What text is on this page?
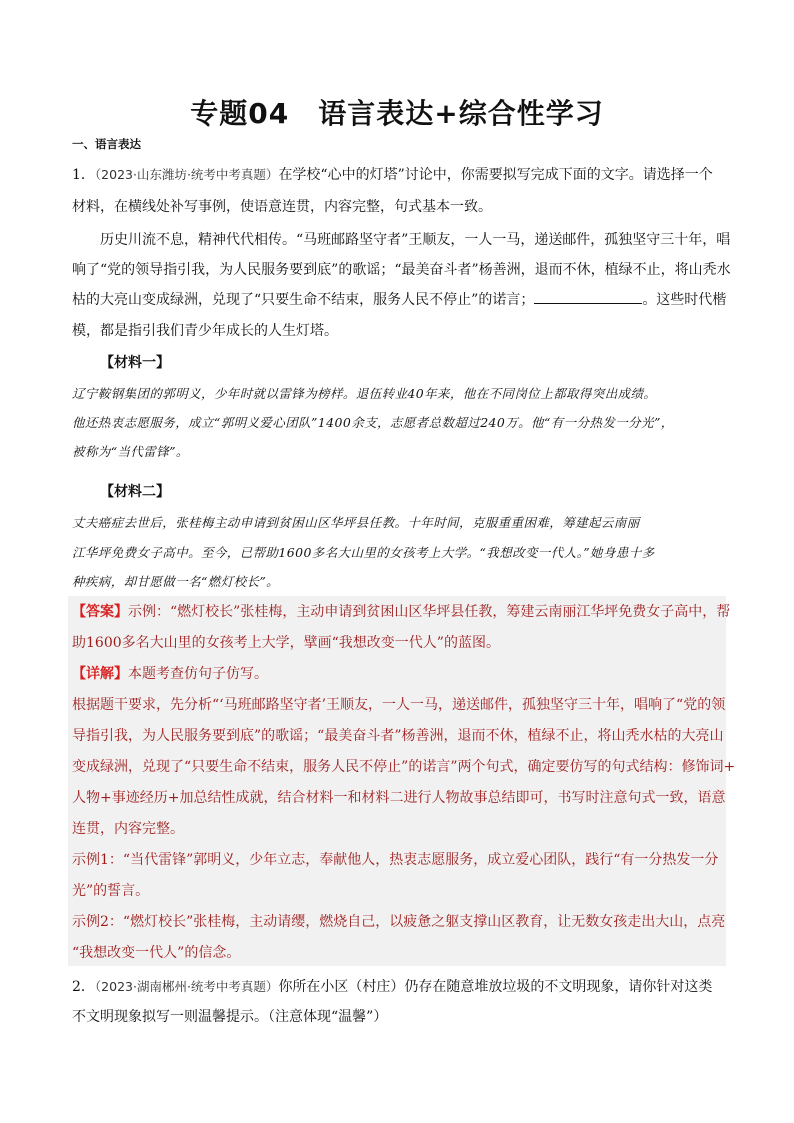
专题04　语言表达+综合性学习
一、语言表达
1．（2023·山东潍坊·统考中考真题）在学校“心中的灯塔”讨论中，你需要拟写完成下面的文字。请选择一个
材料，在横线处补写事例，使语意连贯，内容完整，句式基本一致。
历史川流不息，精神代代相传。“马班邮路坚守者”王顺友，一人一马，递送邮件，孤独坚守三十年，唱
响了“党的领导指引我，为人民服务要到底”的歌谣；“最美奋斗者”杨善洲，退而不休，植绿不止，将山秃水
枯的大亮山变成绿洲，兑现了“只要生命不结束，服务人民不停止”的诺言；	。这些时代楷
模，都是指引我们青少年成长的人生灯塔。
【材料一】
辽宁鞍钢集团的郭明义，少年时就以雷锋为榜样。退伍转业40年来，他在不同岗位上都取得突出成绩。
他还热衷志愿服务，成立“郭明义爱心团队”1400余支，志愿者总数超过240万。他“有一分热发一分光”，
被称为“当代雷锋”。
【材料二】
丈夫癌症去世后，张桂梅主动申请到贫困山区华坪县任教。十年时间，克服重重困难，筹建起云南丽
江华坪免费女子高中。至今，已帮助1600多名大山里的女孩考上大学。“我想改变一代人。”她身患十多
种疾病，却甘愿做一名“燃灯校长”。
【答案】示例：“燃灯校长”张桂梅，主动申请到贫困山区华坪县任教，筹建云南丽江华坪免费女子高中，帮
助1600多名大山里的女孩考上大学，擘画“我想改变一代人”的蓝图。
【详解】本题考查仿句子仿写。
根据题干要求，先分析“‘马班邮路坚守者’王顺友，一人一马，递送邮件，孤独坚守三十年，唱响了“党的领
导指引我，为人民服务要到底”的歌谣；“最美奋斗者”杨善洲，退而不休，植绿不止，将山秃水枯的大亮山
变成绿洲，兑现了“只要生命不结束，服务人民不停止”的诺言”两个句式，确定要仿写的句式结构：修饰词+
人物+事迹经历+加总结性成就，结合材料一和材料二进行人物故事总结即可，书写时注意句式一致，语意
连贯，内容完整。
示例1：“当代雷锋”郭明义，少年立志，奉献他人，热衷志愿服务，成立爱心团队，践行“有一分热发一分
光”的誓言。
示例2：“燃灯校长”张桂梅，主动请缨，燃烧自己，以疲惫之躯支撑山区教育，让无数女孩走出大山，点亮
“我想改变一代人”的信念。
2．（2023·湖南郴州·统考中考真题）你所在小区（村庄）仍存在随意堆放垃圾的不文明现象，请你针对这类
不文明现象拟写一则温馨提示。（注意体现“温馨”）
